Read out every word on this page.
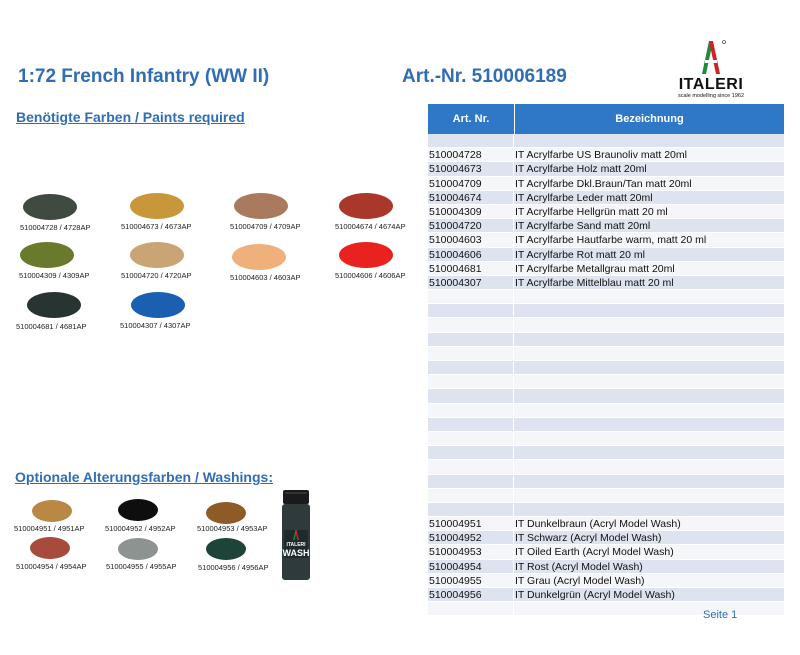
1:72 French Infantry (WW II)	Art.-Nr. 510006189	ITALERI
scale modelling since 1962
Benötigte Farben / Paints required
Optionale Alterungsfarben / Washings:
510004728 / 4728AP	510004673 / 4673AP	510004709 / 4709AP	510004674 / 4674AP
510004309 / 4309AP	510004720 / 4720AP	510004603 / 4603AP	510004606 / 4606AP
510004681 / 4681AP	510004307 / 4307AP
510004951 / 4951AP	510004952 / 4952AP	510004953 / 4953AP
510004954 / 4954AP	510004955 / 4955AP	510004956 / 4956AP
ITALERI
WASH
Art. Nr.	Bezeichnung
510004728	IT Acrylfarbe US Braunoliv matt 20ml
510004673	IT Acrylfarbe Holz matt 20ml
510004709	IT Acrylfarbe Dkl.Braun/Tan matt 20ml
510004674	IT Acrylfarbe Leder matt 20ml
510004309	IT Acrylfarbe Hellgrün matt 20 ml
510004720	IT Acrylfarbe Sand matt 20ml
510004603	IT Acrylfarbe Hautfarbe warm, matt 20 ml
510004606	IT Acrylfarbe Rot matt 20 ml
510004681	IT Acrylfarbe Metallgrau matt 20ml
510004307	IT Acrylfarbe Mittelblau matt 20 ml
510004951	IT Dunkelbraun (Acryl Model Wash)
510004952	IT Schwarz (Acryl Model Wash)
510004953	IT Oiled Earth (Acryl Model Wash)
510004954	IT Rost (Acryl Model Wash)
510004955	IT Grau (Acryl Model Wash)
510004956	IT Dunkelgrün (Acryl Model Wash)
Seite 1
